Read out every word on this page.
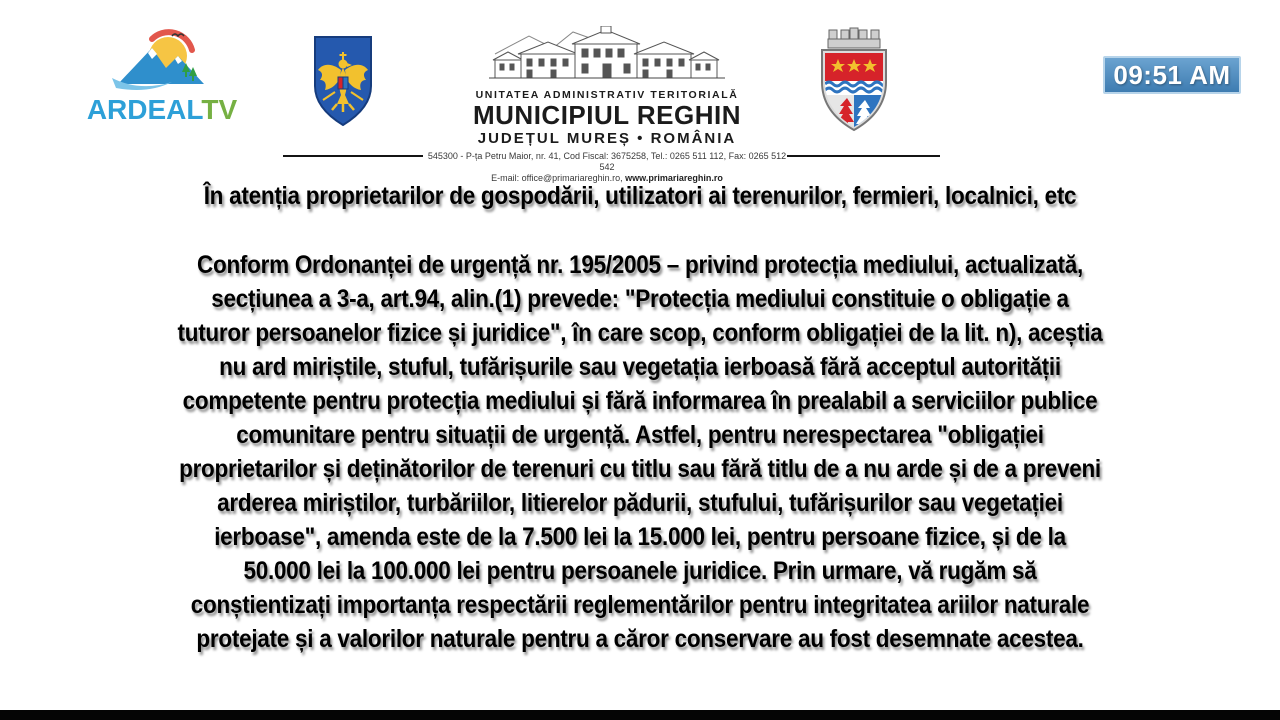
ARDEALTV	UNITATEA ADMINISTRATIV TERITORIALĂ
MUNICIPIUL REGHIN
JUDEȚUL MUREȘ • ROMÂNIA
545300 - P-ța Petru Maior, nr. 41, Cod Fiscal: 3675258, Tel.: 0265 511 112, Fax: 0265 512 542
E-mail: office@primariareghin.ro, www.primariareghin.ro
09:51 AM
În atenția proprietarilor de gospodării, utilizatori ai terenurilor, fermieri, localnici, etc
Conform Ordonanței de urgență nr. 195/2005 – privind protecția mediului, actualizată,
secțiunea a 3-a, art.94, alin.(1) prevede: "Protecția mediului constituie o obligație a
tuturor persoanelor fizice și juridice", în care scop, conform obligației de la lit. n), aceștia
nu ard miriștile, stuful, tufărișurile sau vegetația ierboasă fără acceptul autorității
competente pentru protecția mediului și fără informarea în prealabil a serviciilor publice
comunitare pentru situații de urgență. Astfel, pentru nerespectarea "obligației
proprietarilor și deținătorilor de terenuri cu titlu sau fără titlu de a nu arde și de a preveni
arderea miriștilor, turbăriilor, litierelor pădurii, stufului, tufărișurilor sau vegetației
ierboase", amenda este de la 7.500 lei la 15.000 lei, pentru persoane fizice, și de la
50.000 lei la 100.000 lei pentru persoanele juridice. Prin urmare, vă rugăm să
conștientizați importanța respectării reglementărilor pentru integritatea ariilor naturale
protejate și a valorilor naturale pentru a căror conservare au fost desemnate acestea.
